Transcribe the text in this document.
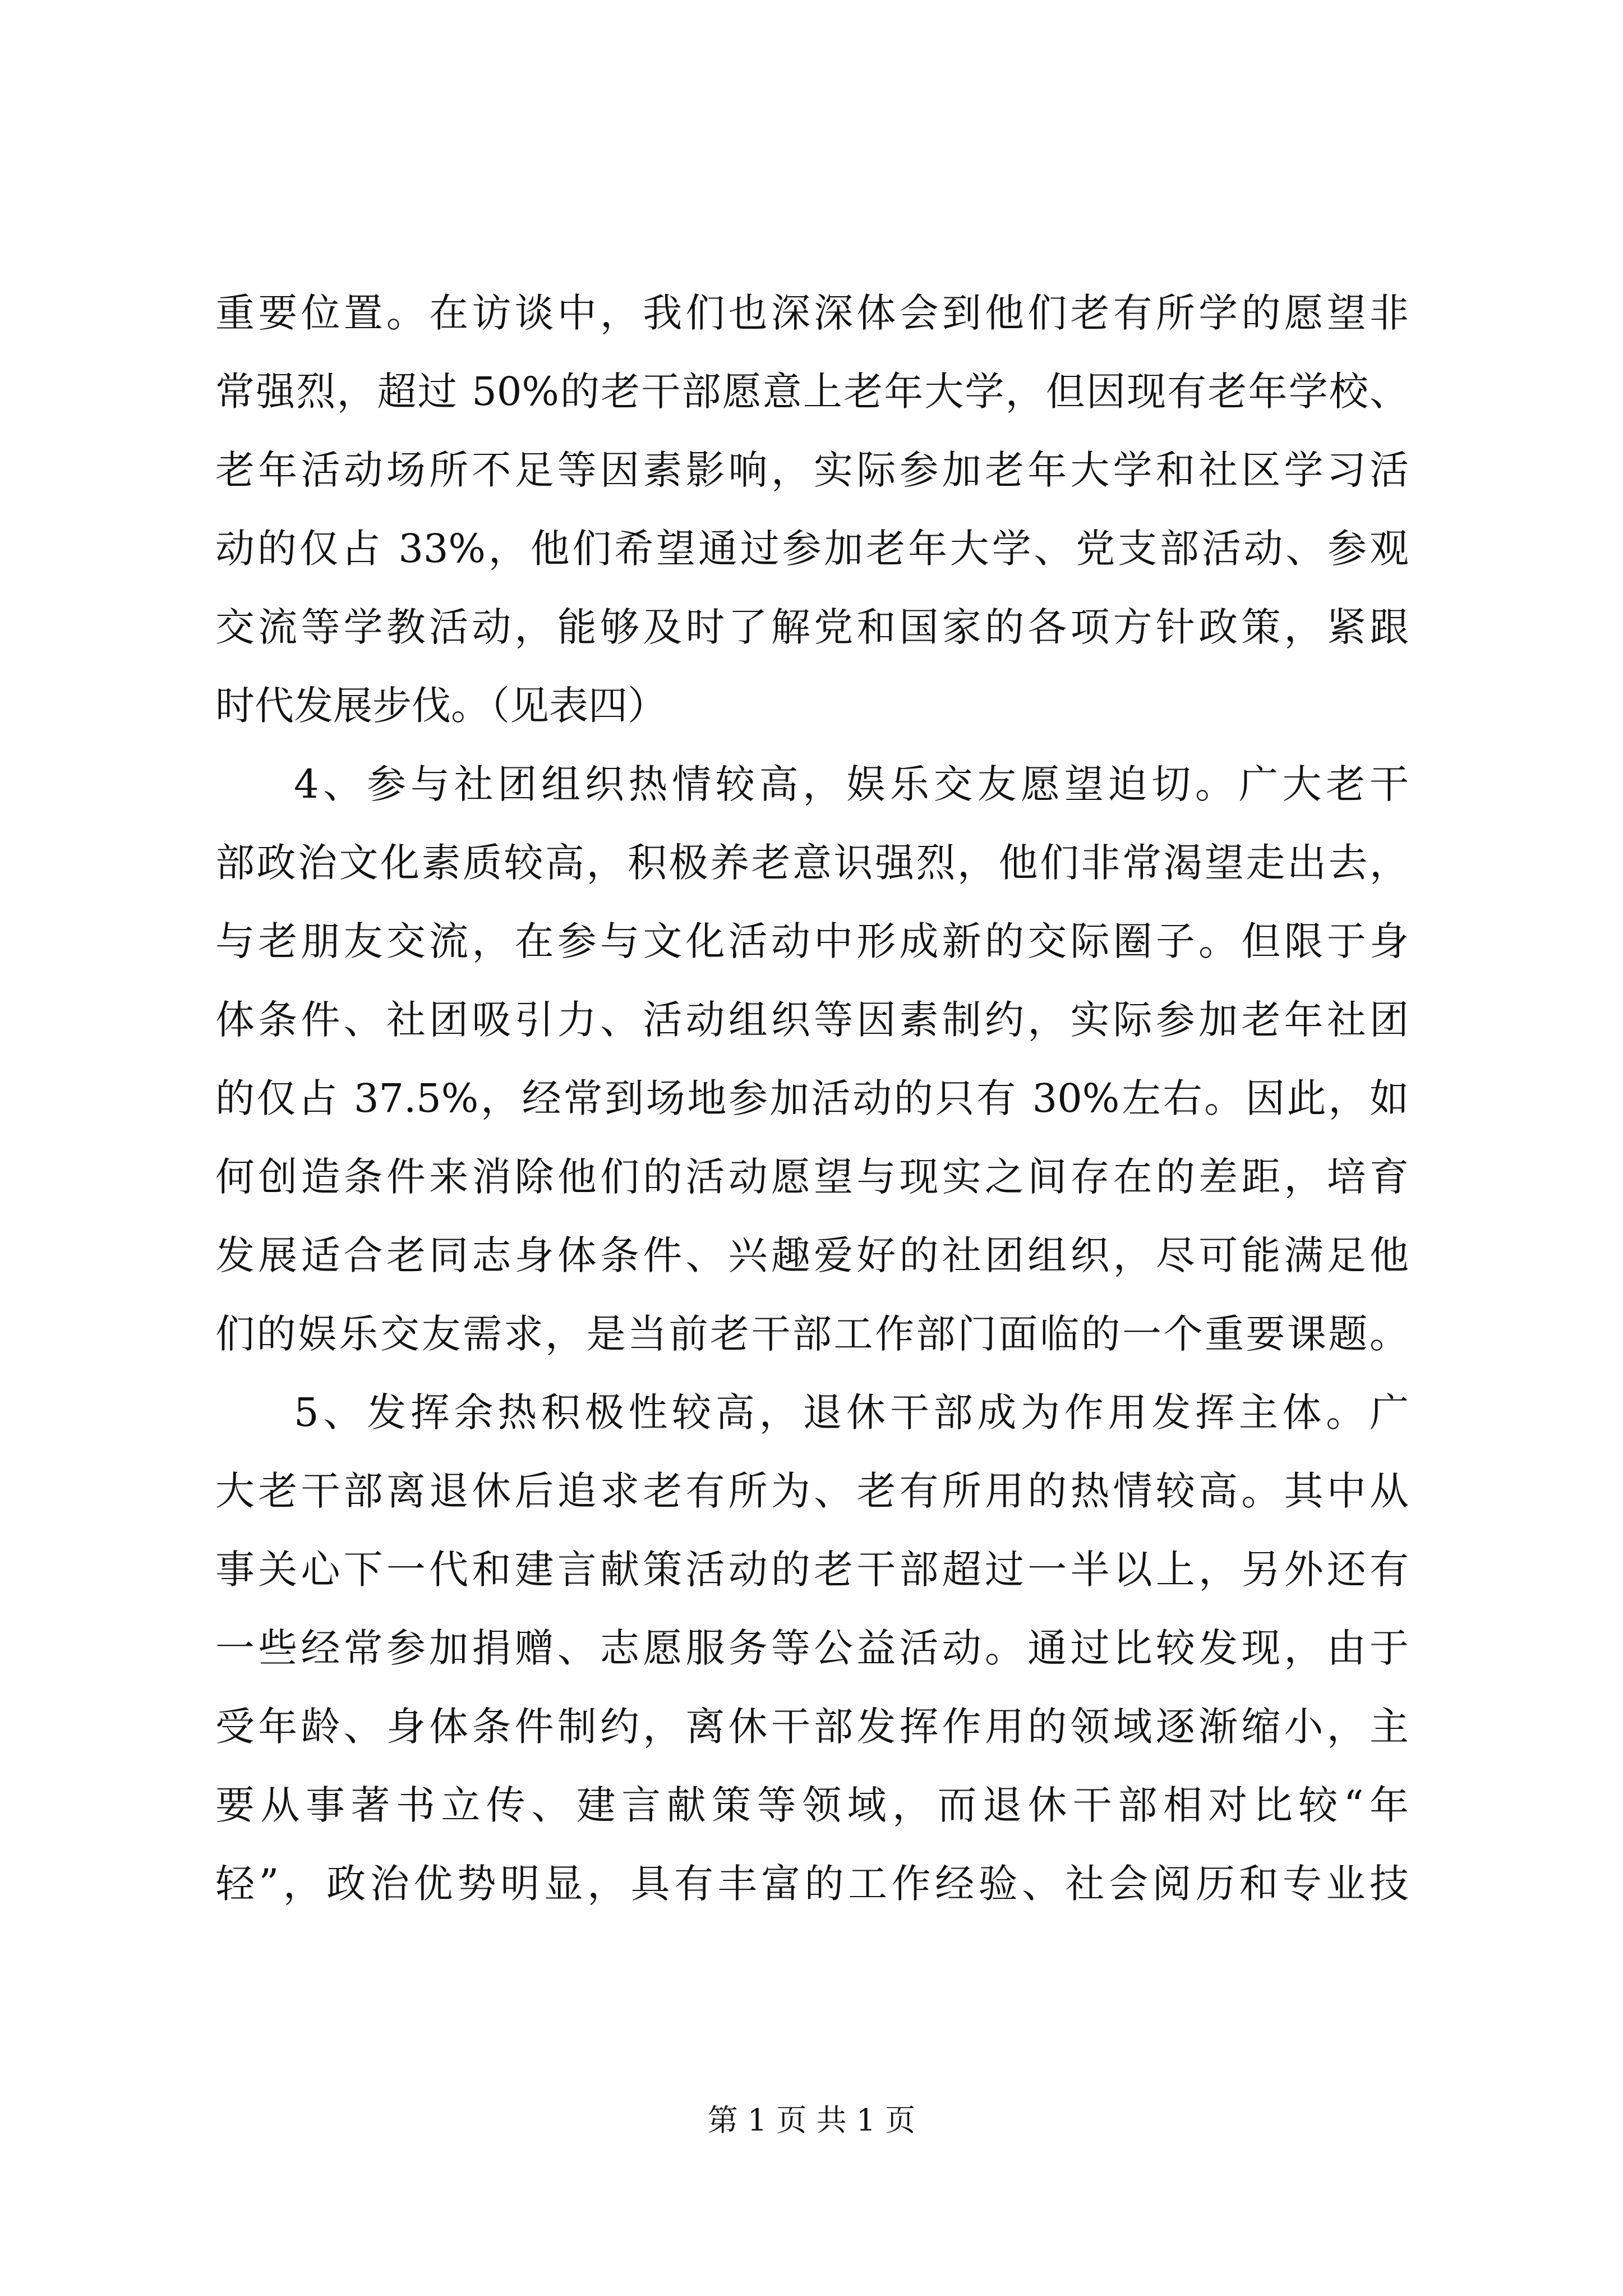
重要位置。在访谈中，我们也深深体会到他们老有所学的愿望非

常强烈，超过 50%的老干部愿意上老年大学，但因现有老年学校、

老年活动场所不足等因素影响，实际参加老年大学和社区学习活

动的仅占 33%，他们希望通过参加老年大学、党支部活动、参观

交流等学教活动，能够及时了解党和国家的各项方针政策，紧跟

时代发展步伐。（见表四）

4、参与社团组织热情较高，娱乐交友愿望迫切。广大老干

部政治文化素质较高，积极养老意识强烈，他们非常渴望走出去，

与老朋友交流，在参与文化活动中形成新的交际圈子。但限于身

体条件、社团吸引力、活动组织等因素制约，实际参加老年社团

的仅占 37.5%，经常到场地参加活动的只有 30%左右。因此，如

何创造条件来消除他们的活动愿望与现实之间存在的差距，培育

发展适合老同志身体条件、兴趣爱好的社团组织，尽可能满足他

们的娱乐交友需求，是当前老干部工作部门面临的一个重要课题。

5、发挥余热积极性较高，退休干部成为作用发挥主体。广

大老干部离退休后追求老有所为、老有所用的热情较高。其中从

事关心下一代和建言献策活动的老干部超过一半以上，另外还有

一些经常参加捐赠、志愿服务等公益活动。通过比较发现，由于

受年龄、身体条件制约，离休干部发挥作用的领域逐渐缩小，主

要从事著书立传、建言献策等领域，而退休干部相对比较“年

轻”，政治优势明显，具有丰富的工作经验、社会阅历和专业技

第 1 页 共 1 页
